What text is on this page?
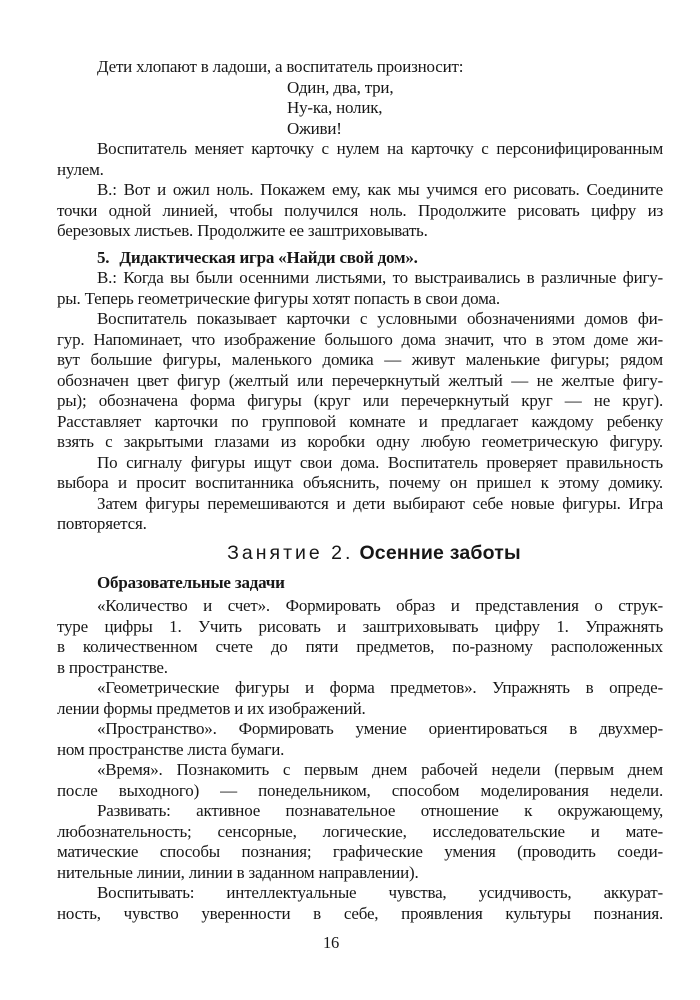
Дети хлопают в ладоши, а воспитатель произносит:
Один, два, три,
Ну-ка, нолик,
Оживи!
Воспитатель меняет карточку с нулем на карточку с персонифицированным
нулем.
В.: Вот и ожил ноль. Покажем ему, как мы учимся его рисовать. Соедините
точки одной линией, чтобы получился ноль. Продолжите рисовать цифру из
березовых листьев. Продолжите ее заштриховывать.
5. Дидактическая игра «Найди свой дом».
В.: Когда вы были осенними листьями, то выстраивались в различные фигу-
ры. Теперь геометрические фигуры хотят попасть в свои дома.
Воспитатель показывает карточки с условными обозначениями домов фи-
гур. Напоминает, что изображение большого дома значит, что в этом доме жи-
вут большие фигуры, маленького домика — живут маленькие фигуры; рядом
обозначен цвет фигур (желтый или перечеркнутый желтый — не желтые фигу-
ры); обозначена форма фигуры (круг или перечеркнутый круг — не круг).
Расставляет карточки по групповой комнате и предлагает каждому ребенку
взять с закрытыми глазами из коробки одну любую геометрическую фигуру.
По сигналу фигуры ищут свои дома. Воспитатель проверяет правильность
выбора и просит воспитанника объяснить, почему он пришел к этому домику.
Затем фигуры перемешиваются и дети выбирают себе новые фигуры. Игра
повторяется.
Занятие 2. Осенние заботы
Образовательные задачи
«Количество и счет». Формировать образ и представления о струк-
туре цифры 1. Учить рисовать и заштриховывать цифру 1. Упражнять
в количественном счете до пяти предметов, по-разному расположенных
в пространстве.
«Геометрические фигуры и форма предметов». Упражнять в опреде-
лении формы предметов и их изображений.
«Пространство». Формировать умение ориентироваться в двухмер-
ном пространстве листа бумаги.
«Время». Познакомить с первым днем рабочей недели (первым днем
после выходного) — понедельником, способом моделирования недели.
Развивать: активное познавательное отношение к окружающему,
любознательность; сенсорные, логические, исследовательские и мате-
матические способы познания; графические умения (проводить соеди-
нительные линии, линии в заданном направлении).
Воспитывать: интеллектуальные чувства, усидчивость, аккурат-
ность, чувство уверенности в себе, проявления культуры познания.
16
